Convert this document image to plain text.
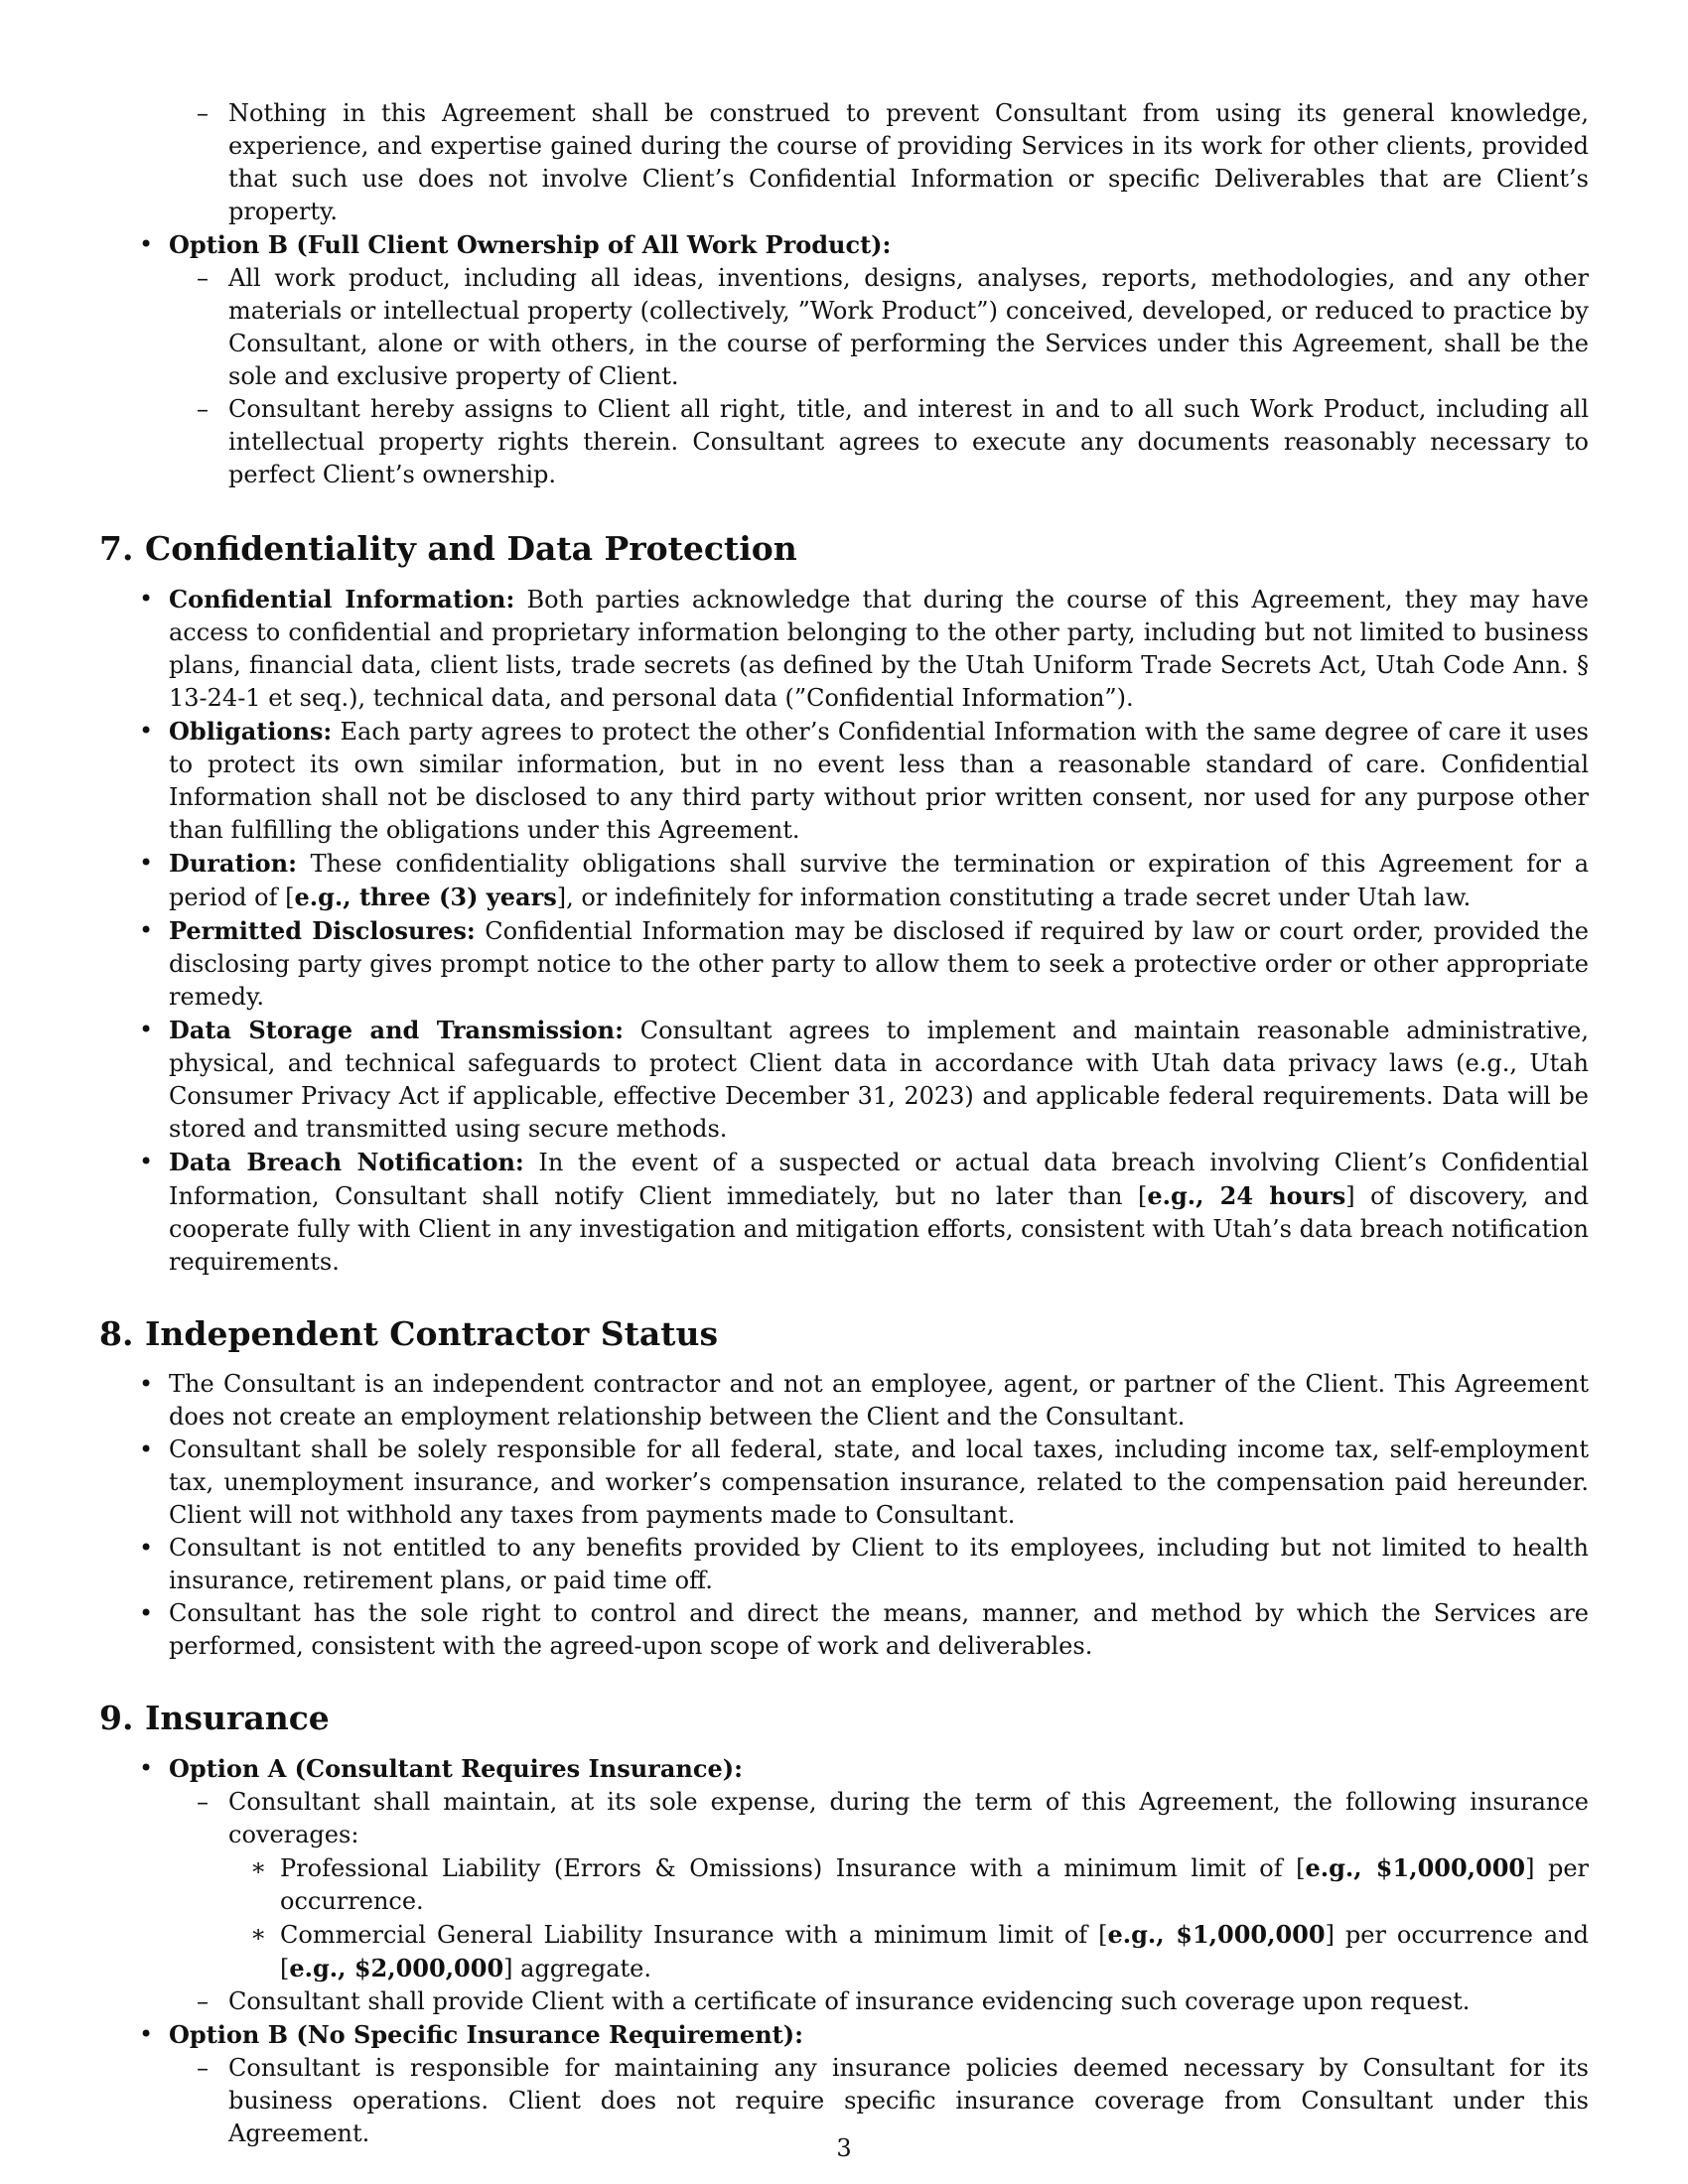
– Nothing in this Agreement shall be construed to prevent Consultant from using its general knowledge, experience, and expertise gained during the course of providing Services in its work for other clients, provided that such use does not involve Client’s Confidential Information or specific Deliverables that are Client’s property.
• Option B (Full Client Ownership of All Work Product):
– All work product, including all ideas, inventions, designs, analyses, reports, methodologies, and any other materials or intellectual property (collectively, ”Work Product”) conceived, developed, or reduced to practice by Consultant, alone or with others, in the course of performing the Services under this Agreement, shall be the sole and exclusive property of Client.
– Consultant hereby assigns to Client all right, title, and interest in and to all such Work Product, including all intellectual property rights therein. Consultant agrees to execute any documents reasonably necessary to perfect Client’s ownership.
7. Confidentiality and Data Protection
• Confidential Information: Both parties acknowledge that during the course of this Agreement, they may have access to confidential and proprietary information belonging to the other party, including but not limited to business plans, financial data, client lists, trade secrets (as defined by the Utah Uniform Trade Secrets Act, Utah Code Ann. § 13-24-1 et seq.), technical data, and personal data (”Confidential Information”).
• Obligations: Each party agrees to protect the other’s Confidential Information with the same degree of care it uses to protect its own similar information, but in no event less than a reasonable standard of care. Confidential Information shall not be disclosed to any third party without prior written consent, nor used for any purpose other than fulfilling the obligations under this Agreement.
• Duration: These confidentiality obligations shall survive the termination or expiration of this Agreement for a period of [e.g., three (3) years], or indefinitely for information constituting a trade secret under Utah law.
• Permitted Disclosures: Confidential Information may be disclosed if required by law or court order, provided the disclosing party gives prompt notice to the other party to allow them to seek a protective order or other appropriate remedy.
• Data Storage and Transmission: Consultant agrees to implement and maintain reasonable administrative, physical, and technical safeguards to protect Client data in accordance with Utah data privacy laws (e.g., Utah Consumer Privacy Act if applicable, effective December 31, 2023) and applicable federal requirements. Data will be stored and transmitted using secure methods.
• Data Breach Notification: In the event of a suspected or actual data breach involving Client’s Confidential Information, Consultant shall notify Client immediately, but no later than [e.g., 24 hours] of discovery, and cooperate fully with Client in any investigation and mitigation efforts, consistent with Utah’s data breach notification requirements.
8. Independent Contractor Status
• The Consultant is an independent contractor and not an employee, agent, or partner of the Client. This Agreement does not create an employment relationship between the Client and the Consultant.
• Consultant shall be solely responsible for all federal, state, and local taxes, including income tax, self-employment tax, unemployment insurance, and worker’s compensation insurance, related to the compensation paid hereunder. Client will not withhold any taxes from payments made to Consultant.
• Consultant is not entitled to any benefits provided by Client to its employees, including but not limited to health insurance, retirement plans, or paid time off.
• Consultant has the sole right to control and direct the means, manner, and method by which the Services are performed, consistent with the agreed-upon scope of work and deliverables.
9. Insurance
• Option A (Consultant Requires Insurance):
– Consultant shall maintain, at its sole expense, during the term of this Agreement, the following insurance coverages:
∗ Professional Liability (Errors & Omissions) Insurance with a minimum limit of [e.g., $1,000,000] per occurrence.
∗ Commercial General Liability Insurance with a minimum limit of [e.g., $1,000,000] per occurrence and [e.g., $2,000,000] aggregate.
– Consultant shall provide Client with a certificate of insurance evidencing such coverage upon request.
• Option B (No Specific Insurance Requirement):
– Consultant is responsible for maintaining any insurance policies deemed necessary by Consultant for its business operations. Client does not require specific insurance coverage from Consultant under this Agreement.
3
